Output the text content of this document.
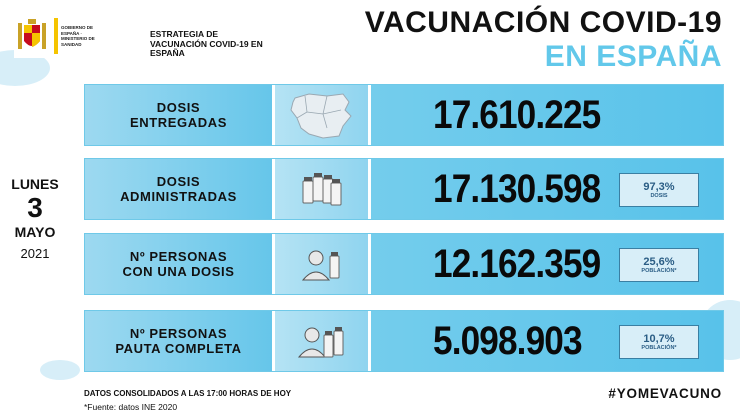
GOBIERNO DE ESPAÑA · MINISTERIO DE SANIDAD
ESTRATEGIA DE VACUNACIÓN COVID-19 EN ESPAÑA
VACUNACIÓN COVID-19
EN ESPAÑA
LUNES
3
MAYO
2021
DOSIS
ENTREGADAS	17.610.225
DOSIS
ADMINISTRADAS	17.130.598	97,3%
DOSIS
Nº PERSONAS
CON UNA DOSIS	12.162.359	25,6%
POBLACIÓN*
Nº PERSONAS
PAUTA COMPLETA	5.098.903	10,7%
POBLACIÓN*
DATOS CONSOLIDADOS A LAS 17:00 HORAS DE HOY
*Fuente: datos INE 2020
#YOMEVACUNO
